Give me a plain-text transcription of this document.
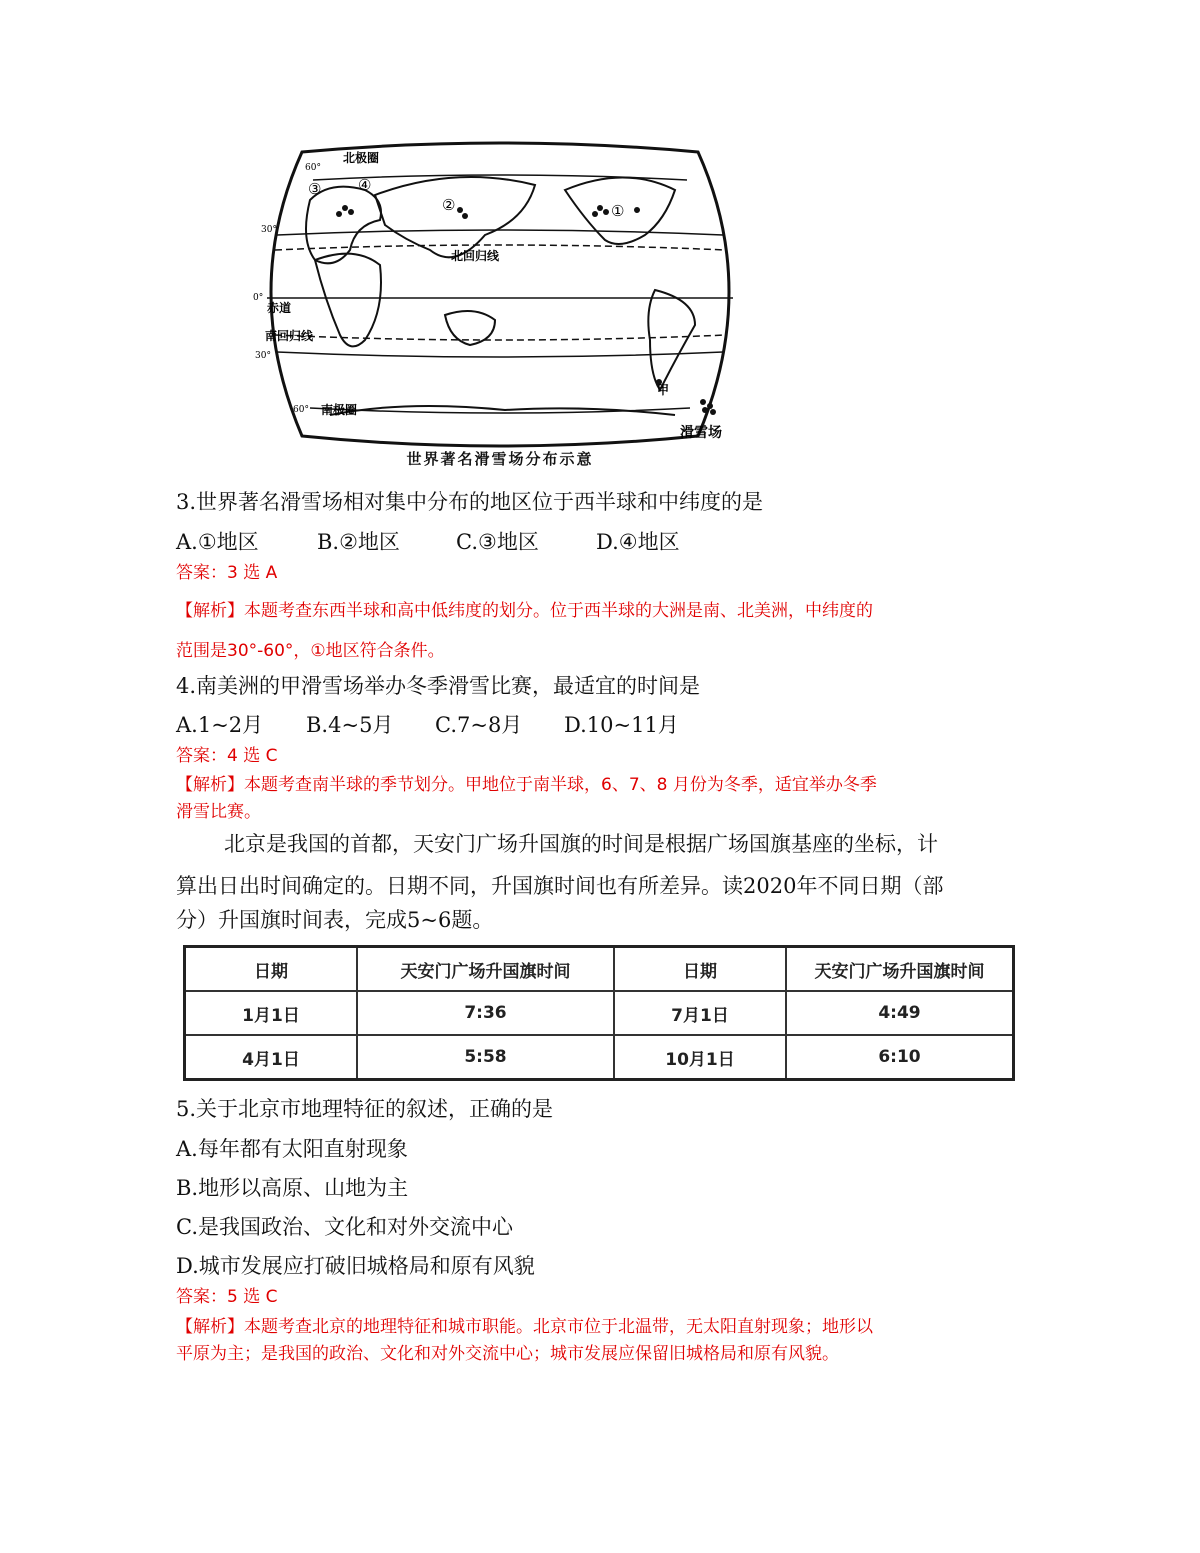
北极圈
北回归线
赤道
南回归线
南极圈
60°
30°
0°
30°
60°
①
②
③ ④
甲
滑雪场
世界著名滑雪场分布示意
3.世界著名滑雪场相对集中分布的地区位于西半球和中纬度的是
A.①地区	B.②地区	C.③地区	D.④地区
答案：3 选 A
【解析】本题考查东西半球和高中低纬度的划分。位于西半球的大洲是南、北美洲，中纬度的
范围是30°-60°，①地区符合条件。
4.南美洲的甲滑雪场举办冬季滑雪比赛，最适宜的时间是
A.1~2月 B.4~5月 C.7~8月 D.10~11月
答案：4 选 C
【解析】本题考查南半球的季节划分。甲地位于南半球，6、7、8 月份为冬季，适宜举办冬季
滑雪比赛。
北京是我国的首都，天安门广场升国旗的时间是根据广场国旗基座的坐标，计
算出日出时间确定的。日期不同，升国旗时间也有所差异。读2020年不同日期（部
分）升国旗时间表，完成5~6题。
日期	天安门广场升国旗时间	日期	天安门广场升国旗时间
1月1日	7:36	7月1日	4:49
4月1日	5:58	10月1日	6:10
5.关于北京市地理特征的叙述，正确的是
A.每年都有太阳直射现象
B.地形以高原、山地为主
C.是我国政治、文化和对外交流中心
D.城市发展应打破旧城格局和原有风貌
答案：5 选 C
【解析】本题考查北京的地理特征和城市职能。北京市位于北温带，无太阳直射现象；地形以
平原为主；是我国的政治、文化和对外交流中心；城市发展应保留旧城格局和原有风貌。
